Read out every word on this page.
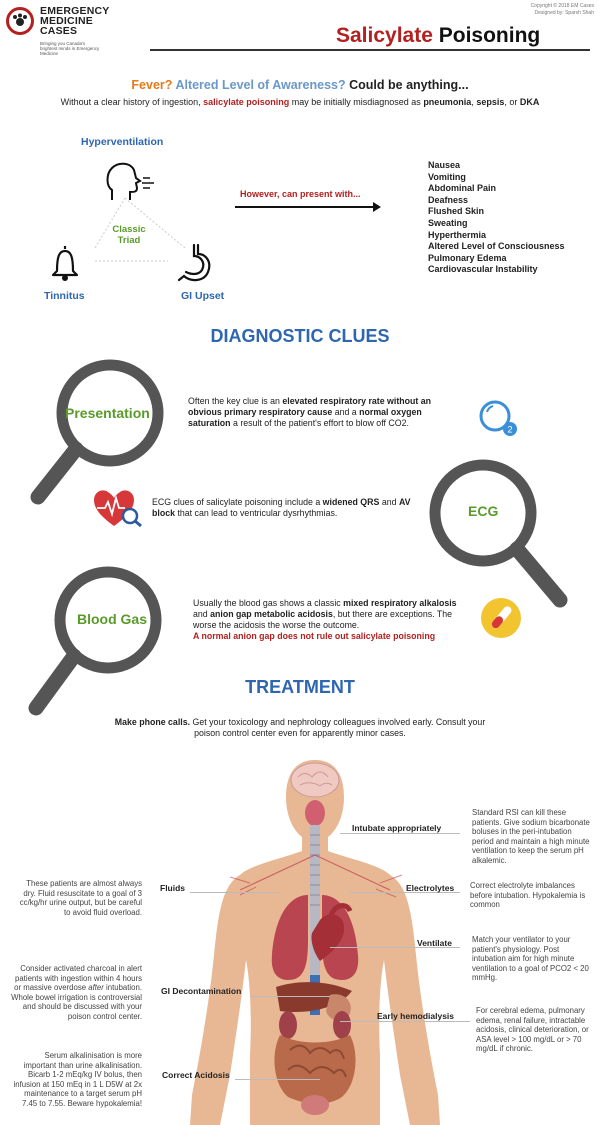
EMERGENCY
MEDICINE
CASES
Bringing you Canada's brightest minds in Emergency Medicine
Copyright © 2018 EM Cases
Designed by: Sparsh Shah
Salicylate Poisoning
Fever? Altered Level of Awareness? Could be anything...
Without a clear history of ingestion, salicylate poisoning may be initially misdiagnosed as pneumonia, sepsis, or DKA
Hyperventilation
Classic
Triad
Tinnitus	GI Upset
However, can present with...
Nausea
Vomiting
Abdominal Pain
Deafness
Flushed Skin
Sweating
Hyperthermia
Altered Level of Consciousness
Pulmonary Edema
Cardiovascular Instability
DIAGNOSTIC CLUES
Presentation
Often the key clue is an elevated respiratory rate without an obvious primary respiratory cause and a normal oxygen saturation a result of the patient's effort to blow off CO2.
2
ECG clues of salicylate poisoning include a widened QRS and AV block that can lead to ventricular dysrhythmias.	ECG
Blood Gas
Usually the blood gas shows a classic mixed respiratory alkalosis and anion gap metabolic acidosis, but there are exceptions. The worse the acidosis the worse the outcome.
A normal anion gap does not rule out salicylate poisoning
TREATMENT
Make phone calls. Get your toxicology and nephrology colleagues involved early. Consult your poison control center even for apparently minor cases.
Intubate appropriately
Fluids	Electrolytes
Ventilate
GI Decontamination
Early hemodialysis
Correct Acidosis
Standard RSI can kill these patients. Give sodium bicarbonate boluses in the peri-intubation period and maintain a high minute ventilation to keep the serum pH alkalemic.
These patients are almost always dry. Fluid resuscitate to a goal of 3 cc/kg/hr urine output, but be careful to avoid fluid overload.
Correct electrolyte imbalances before intubation. Hypokalemia is common
Match your ventilator to your patient's physiology. Post intubation aim for high minute ventilation to a goal of PCO2 < 20 mmHg.
Consider activated charcoal in alert patients with ingestion within 4 hours or massive overdose after intubation. Whole bowel irrigation is controversial and should be discussed with your poison control center.
For cerebral edema, pulmonary edema, renal failure, intractable acidosis, clinical deterioration, or ASA level > 100 mg/dL or > 70 mg/dL if chronic.
Serum alkalinisation is more important than urine alkalinisation. Bicarb 1-2 mEq/kg IV bolus, then infusion at 150 mEq in 1 L D5W at 2x maintenance to a target serum pH 7.45 to 7.55. Beware hypokalemia!
